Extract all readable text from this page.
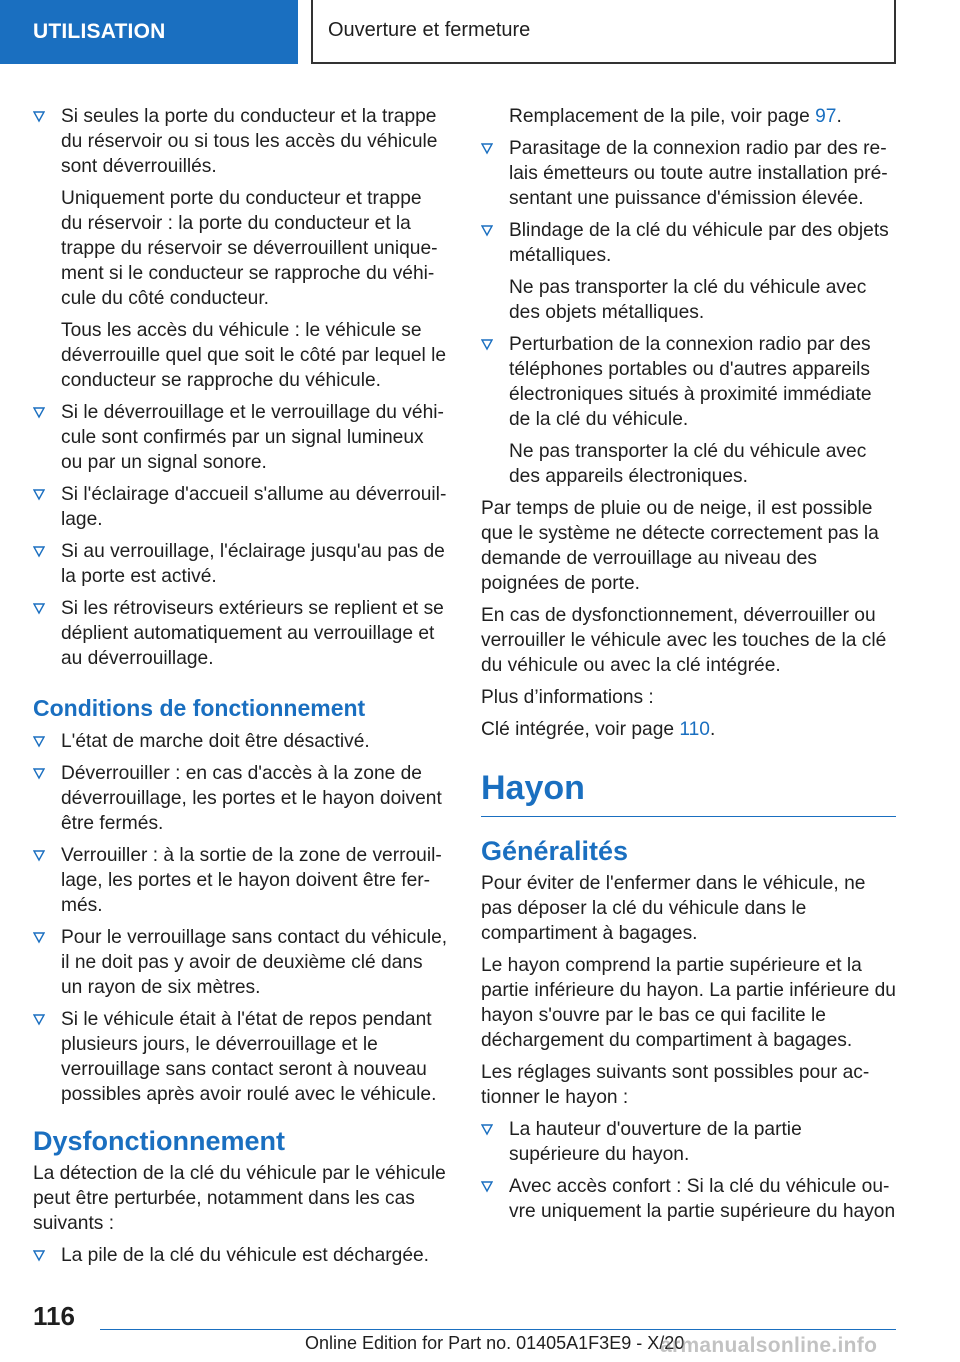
UTILISATION	Ouverture et fermeture
Si seules la porte du conducteur et la trappe du réservoir ou si tous les accès du véhicule sont déverrouillés.
Uniquement porte du conducteur et trappe du réservoir : la porte du conducteur et la trappe du réservoir se déverrouillent uniquement si le conducteur se rapproche du véhicule du côté conducteur.
Tous les accès du véhicule : le véhicule se déverrouille quel que soit le côté par lequel le conducteur se rapproche du véhicule.
Si le déverrouillage et le verrouillage du véhicule sont confirmés par un signal lumineux ou par un signal sonore.
Si l'éclairage d'accueil s'allume au déverrouillage.
Si au verrouillage, l'éclairage jusqu'au pas de la porte est activé.
Si les rétroviseurs extérieurs se replient et se déplient automatiquement au verrouillage et au déverrouillage.
Conditions de fonctionnement
L'état de marche doit être désactivé.
Déverrouiller : en cas d'accès à la zone de déverrouillage, les portes et le hayon doivent être fermés.
Verrouiller : à la sortie de la zone de verrouillage, les portes et le hayon doivent être fermés.
Pour le verrouillage sans contact du véhicule, il ne doit pas y avoir de deuxième clé dans un rayon de six mètres.
Si le véhicule était à l'état de repos pendant plusieurs jours, le déverrouillage et le verrouillage sans contact seront à nouveau possibles après avoir roulé avec le véhicule.
Dysfonctionnement
La détection de la clé du véhicule par le véhicule peut être perturbée, notamment dans les cas suivants :
La pile de la clé du véhicule est déchargée.
Remplacement de la pile, voir page 97.
Parasitage de la connexion radio par des relais émetteurs ou toute autre installation présentant une puissance d'émission élevée.
Blindage de la clé du véhicule par des objets métalliques.
Ne pas transporter la clé du véhicule avec des objets métalliques.
Perturbation de la connexion radio par des téléphones portables ou d'autres appareils électroniques situés à proximité immédiate de la clé du véhicule.
Ne pas transporter la clé du véhicule avec des appareils électroniques.
Par temps de pluie ou de neige, il est possible que le système ne détecte correctement pas la demande de verrouillage au niveau des poignées de porte.
En cas de dysfonctionnement, déverrouiller ou verrouiller le véhicule avec les touches de la clé du véhicule ou avec la clé intégrée.
Plus d’informations :
Clé intégrée, voir page 110.
Hayon
Généralités
Pour éviter de l'enfermer dans le véhicule, ne pas déposer la clé du véhicule dans le compartiment à bagages.
Le hayon comprend la partie supérieure et la partie inférieure du hayon. La partie inférieure du hayon s'ouvre par le bas ce qui facilite le déchargement du compartiment à bagages.
Les réglages suivants sont possibles pour actionner le hayon :
La hauteur d'ouverture de la partie supérieure du hayon.
Avec accès confort : Si la clé du véhicule ouvre uniquement la partie supérieure du hayon
116
Online Edition for Part no. 01405A1F3E9 - X/20
armanualsonline.info
